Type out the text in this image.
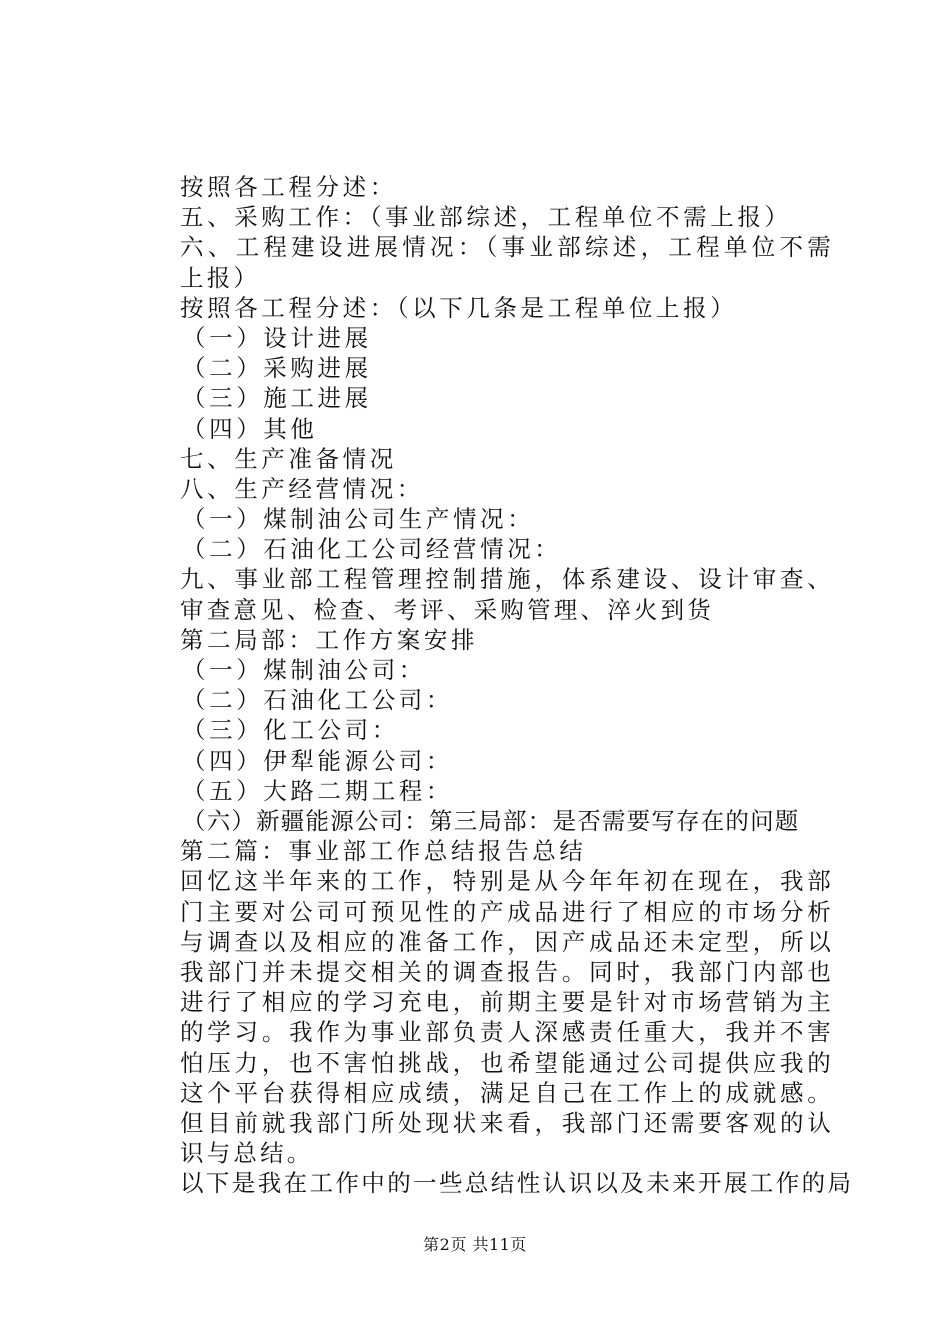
按照各工程分述：
五、采购工作：（事业部综述，工程单位不需上报）
六、工程建设进展情况：（事业部综述，工程单位不需上报）
按照各工程分述：（以下几条是工程单位上报）
（一）设计进展
（二）采购进展
（三）施工进展
（四）其他
七、生产准备情况
八、生产经营情况：
（一）煤制油公司生产情况：
（二）石油化工公司经营情况：
九、事业部工程管理控制措施，体系建设、设计审查、审查意见、检查、考评、采购管理、淬火到货
第二局部：工作方案安排
（一）煤制油公司：
（二）石油化工公司：
（三）化工公司：
（四）伊犁能源公司：
（五）大路二期工程：
（六）新疆能源公司：第三局部：是否需要写存在的问题
第二篇：事业部工作总结报告总结
回忆这半年来的工作，特别是从今年年初在现在，我部门主要对公司可预见性的产成品进行了相应的市场分析与调查以及相应的准备工作，因产成品还未定型，所以我部门并未提交相关的调查报告。同时，我部门内部也进行了相应的学习充电，前期主要是针对市场营销为主的学习。我作为事业部负责人深感责任重大，我并不害怕压力，也不害怕挑战，也希望能通过公司提供应我的这个平台获得相应成绩，满足自己在工作上的成就感。但目前就我部门所处现状来看，我部门还需要客观的认识与总结。
以下是我在工作中的一些总结性认识以及未来开展工作的局
第2页 共11页
